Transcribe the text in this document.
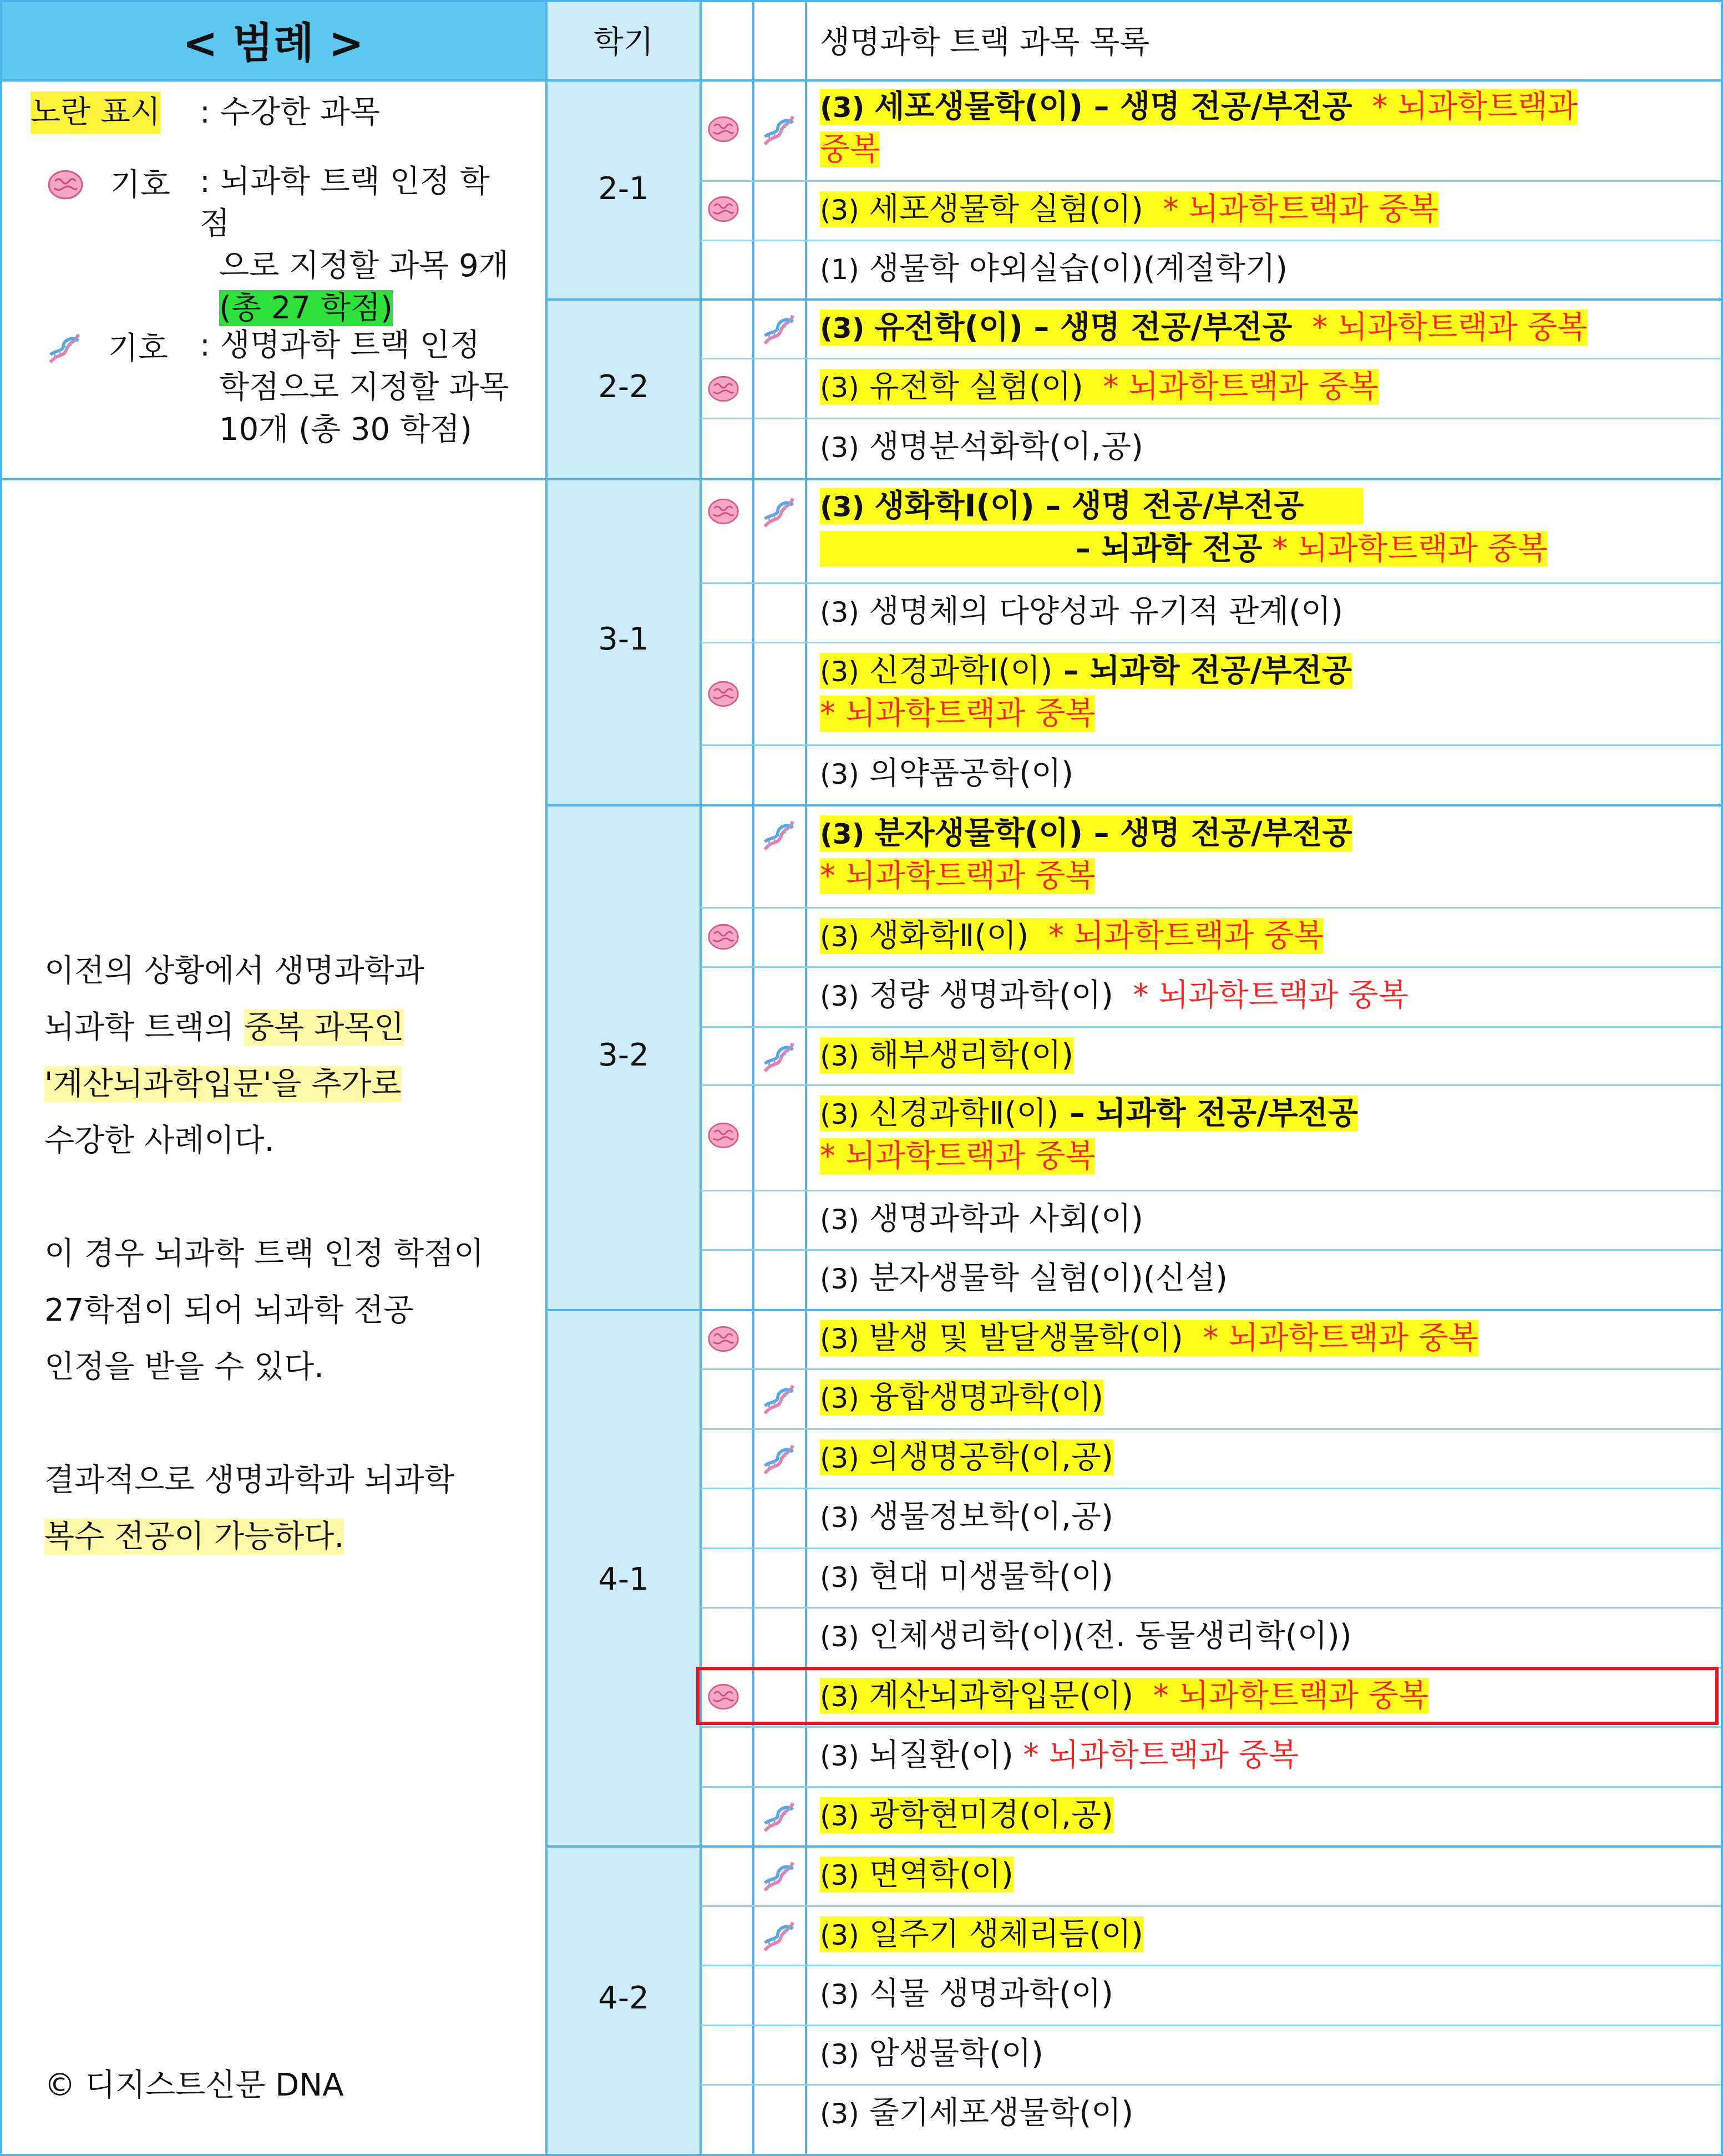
< 범례 >	학기	생명과학 트랙 과목 목록
노란 표시 : 수강한 과목
기호 : 뇌과학 트랙 인정 학점
으로 지정할 과목 9개
(총 27 학점)
기호 : 생명과학 트랙 인정
학점으로 지정할 과목
10개 (총 30 학점)

이전의 상황에서 생명과학과
뇌과학 트랙의 중복 과목인
'계산뇌과학입문'을 추가로
수강한 사례이다.

이 경우 뇌과학 트랙 인정 학점이
27학점이 되어 뇌과학 전공
인정을 받을 수 있다.

결과적으로 생명과학과 뇌과학
복수 전공이 가능하다.

© 디지스트신문 DNA
2-1
2-2
3-1
3-2
4-1
4-2
(3) 세포생물학(이) – 생명 전공/부전공 * 뇌과학트랙과
중복
(3) 세포생물학 실험(이) * 뇌과학트랙과 중복
(1) 생물학 야외실습(이)(계절학기)
(3) 유전학(이) – 생명 전공/부전공 * 뇌과학트랙과 중복
(3) 유전학 실험(이) * 뇌과학트랙과 중복
(3) 생명분석화학(이,공)
(3) 생화학Ⅰ(이) – 생명 전공/부전공
– 뇌과학 전공 * 뇌과학트랙과 중복
(3) 생명체의 다양성과 유기적 관계(이)
(3) 신경과학Ⅰ(이) – 뇌과학 전공/부전공
* 뇌과학트랙과 중복
(3) 의약품공학(이)
(3) 분자생물학(이) – 생명 전공/부전공
* 뇌과학트랙과 중복
(3) 생화학Ⅱ(이) * 뇌과학트랙과 중복
(3) 정량 생명과학(이) * 뇌과학트랙과 중복
(3) 해부생리학(이)
(3) 신경과학Ⅱ(이) – 뇌과학 전공/부전공
* 뇌과학트랙과 중복
(3) 생명과학과 사회(이)
(3) 분자생물학 실험(이)(신설)
(3) 발생 및 발달생물학(이) * 뇌과학트랙과 중복
(3) 융합생명과학(이)
(3) 의생명공학(이,공)
(3) 생물정보학(이,공)
(3) 현대 미생물학(이)
(3) 인체생리학(이)(전. 동물생리학(이))
(3) 계산뇌과학입문(이) * 뇌과학트랙과 중복
(3) 뇌질환(이) * 뇌과학트랙과 중복
(3) 광학현미경(이,공)
(3) 면역학(이)
(3) 일주기 생체리듬(이)
(3) 식물 생명과학(이)
(3) 암생물학(이)
(3) 줄기세포생물학(이)
